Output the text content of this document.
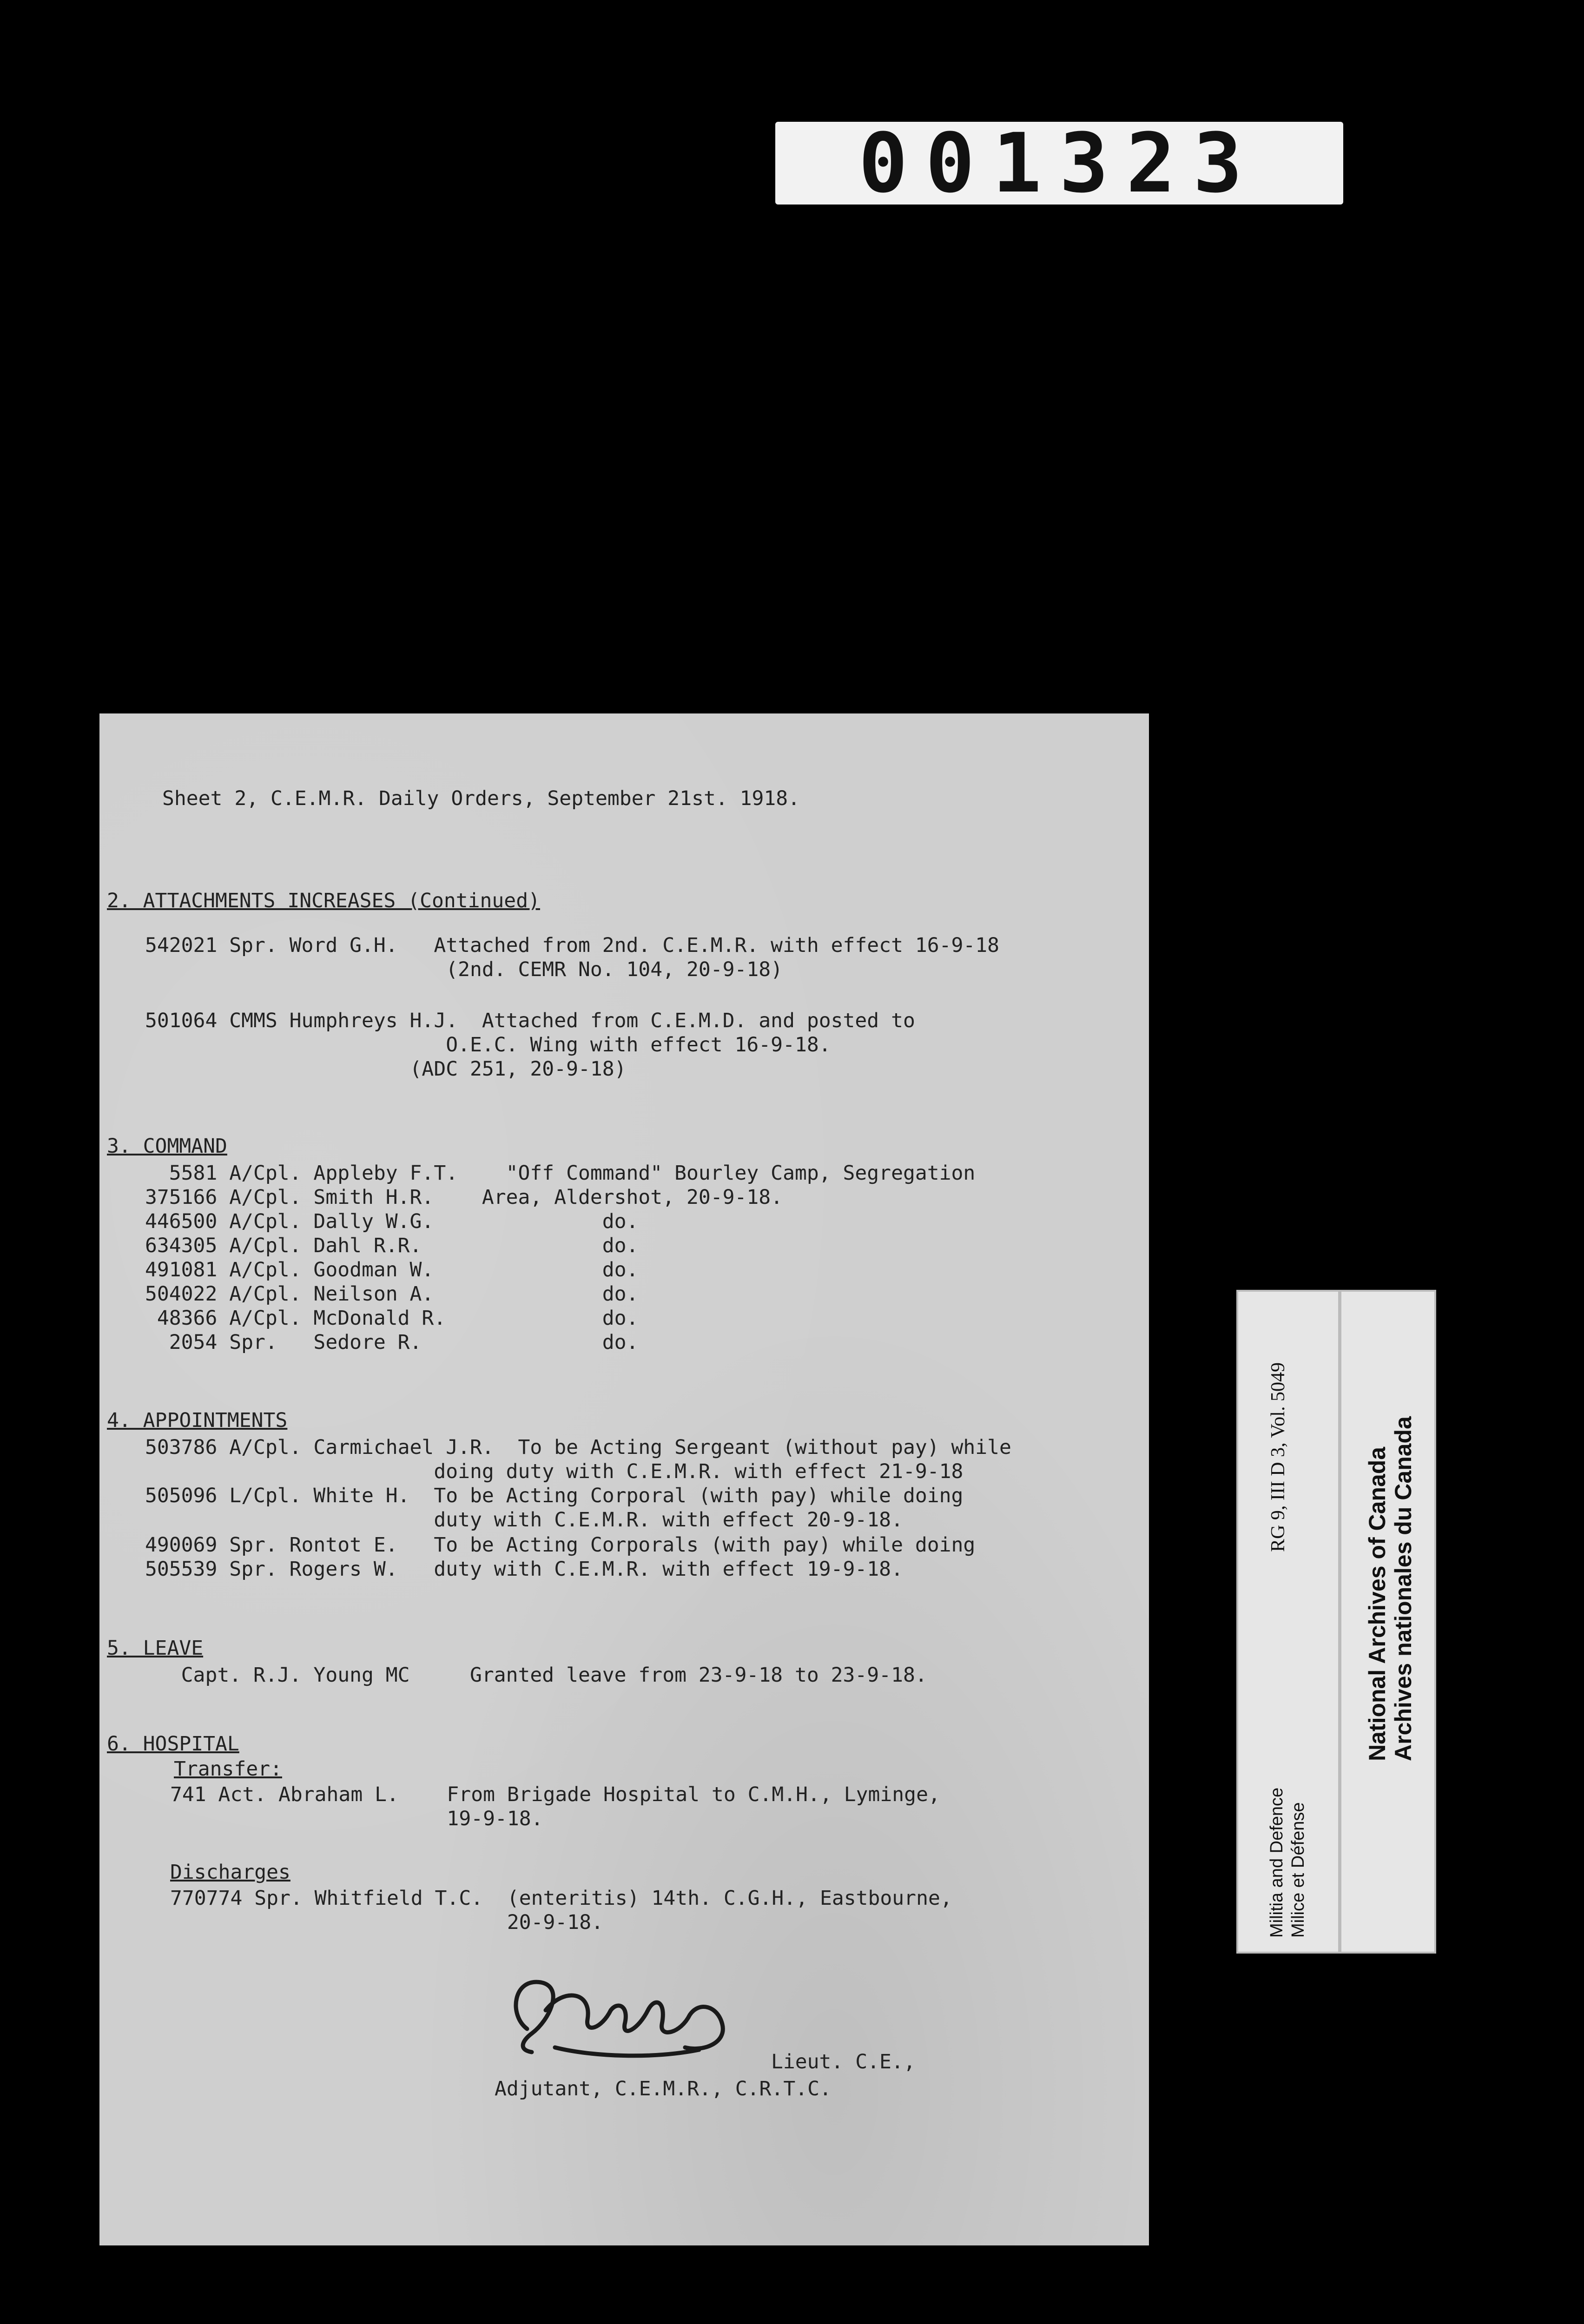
001323
Sheet 2, C.E.M.R. Daily Orders, September 21st. 1918.
2. ATTACHMENTS INCREASES (Continued)
542021 Spr. Word G.H.   Attached from 2nd. C.E.M.R. with effect 16-9-18
(2nd. CEMR No. 104, 20-9-18)
501064 CMMS Humphreys H.J.  Attached from C.E.M.D. and posted to
O.E.C. Wing with effect 16-9-18.
(ADC 251, 20-9-18)
3. COMMAND
5581 A/Cpl. Appleby F.T.    "Off Command" Bourley Camp, Segregation
375166 A/Cpl. Smith H.R.    Area, Aldershot, 20-9-18.
446500 A/Cpl. Dally W.G.              do.
634305 A/Cpl. Dahl R.R.               do.
491081 A/Cpl. Goodman W.              do.
504022 A/Cpl. Neilson A.              do.
48366 A/Cpl. McDonald R.             do.
2054 Spr.   Sedore R.               do.
4. APPOINTMENTS
503786 A/Cpl. Carmichael J.R.  To be Acting Sergeant (without pay) while
doing duty with C.E.M.R. with effect 21-9-18
505096 L/Cpl. White H.  To be Acting Corporal (with pay) while doing
duty with C.E.M.R. with effect 20-9-18.
490069 Spr. Rontot E.   To be Acting Corporals (with pay) while doing
505539 Spr. Rogers W.   duty with C.E.M.R. with effect 19-9-18.
5. LEAVE
Capt. R.J. Young MC     Granted leave from 23-9-18 to 23-9-18.
6. HOSPITAL
Transfer:
741 Act. Abraham L.    From Brigade Hospital to C.M.H., Lyminge,
19-9-18.
Discharges
770774 Spr. Whitfield T.C.  (enteritis) 14th. C.G.H., Eastbourne,
20-9-18.
Lieut. C.E.,
Adjutant, C.E.M.R., C.R.T.C.
Militia and Defence Milice et Défense
RG 9, III D 3, Vol. 5049	National Archives of Canada Archives nationales du Canada
